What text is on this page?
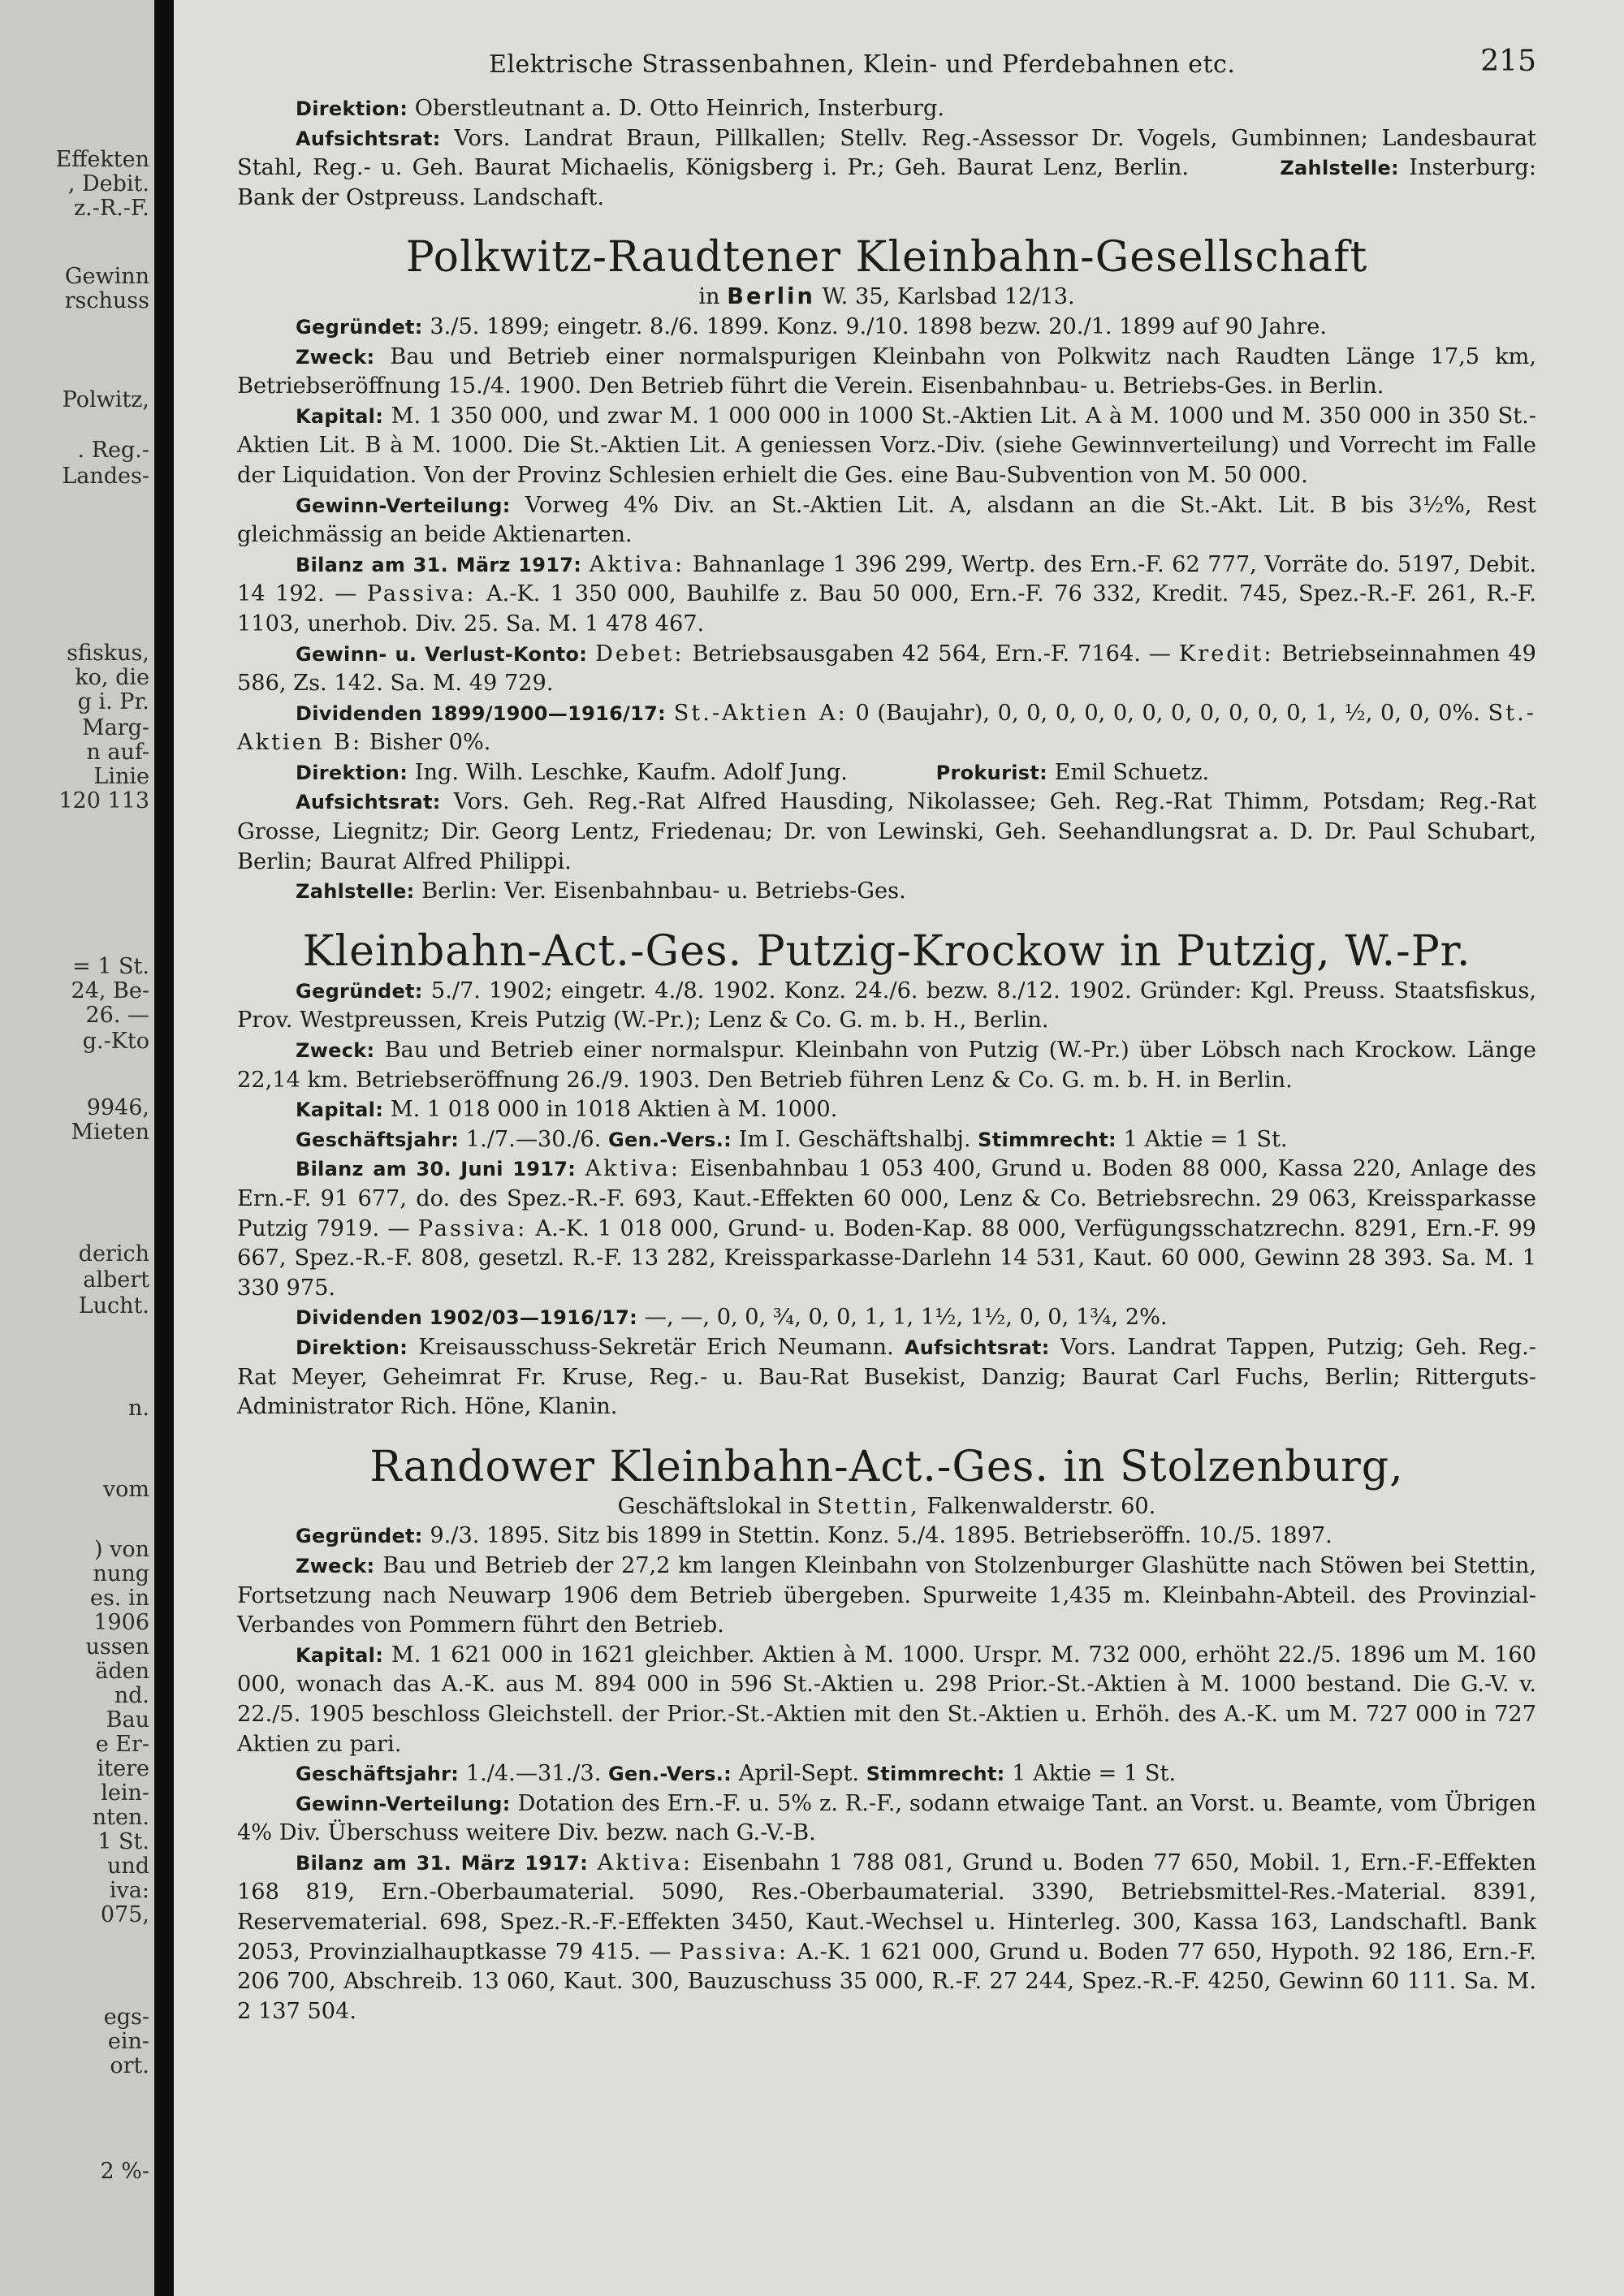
Effekten
, Debit.
z.-R.-F.
Gewinn
rschuss
Polwitz,
. Reg.-
Landes-
sfiskus,
ko, die
g i. Pr.
Marg-
n auf-
Linie
120 113
= 1 St.
24, Be-
26. —
g.-Kto
9946,
Mieten
derich
albert
Lucht.
n.
vom
) von
nung
es. in
1906
ussen
äden
nd.
Bau
e Er-
itere
lein-
nten.
1 St.
und
iva:
075,
egs-
ein-
ort.
2 %-
Elektrische Strassenbahnen, Klein- und Pferdebahnen etc.	215

Direktion: Oberstleutnant a. D. Otto Heinrich, Insterburg.

Aufsichtsrat: Vors. Landrat Braun, Pillkallen; Stellv. Reg.-Assessor Dr. Vogels, Gumbinnen; Landesbaurat Stahl, Reg.- u. Geh. Baurat Michaelis, Königsberg i. Pr.; Geh. Baurat Lenz, Berlin.	Zahlstelle: Insterburg: Bank der Ostpreuss. Landschaft.

Polkwitz-Raudtener Kleinbahn-Gesellschaft
in Berlin W. 35, Karlsbad 12/13.

Gegründet: 3./5. 1899; eingetr. 8./6. 1899. Konz. 9./10. 1898 bezw. 20./1. 1899 auf 90 Jahre.

Zweck: Bau und Betrieb einer normalspurigen Kleinbahn von Polkwitz nach Raudten Länge 17,5 km, Betriebseröffnung 15./4. 1900. Den Betrieb führt die Verein. Eisenbahnbau- u. Betriebs-Ges. in Berlin.

Kapital: M. 1 350 000, und zwar M. 1 000 000 in 1000 St.-Aktien Lit. A à M. 1000 und M. 350 000 in 350 St.-Aktien Lit. B à M. 1000. Die St.-Aktien Lit. A geniessen Vorz.-Div. (siehe Gewinnverteilung) und Vorrecht im Falle der Liquidation. Von der Provinz Schlesien erhielt die Ges. eine Bau-Subvention von M. 50 000.

Gewinn-Verteilung: Vorweg 4% Div. an St.-Aktien Lit. A, alsdann an die St.-Akt. Lit. B bis 3½%, Rest gleichmässig an beide Aktienarten.

Bilanz am 31. März 1917: Aktiva: Bahnanlage 1 396 299, Wertp. des Ern.-F. 62 777, Vorräte do. 5197, Debit. 14 192. — Passiva: A.-K. 1 350 000, Bauhilfe z. Bau 50 000, Ern.-F. 76 332, Kredit. 745, Spez.-R.-F. 261, R.-F. 1103, unerhob. Div. 25. Sa. M. 1 478 467.

Gewinn- u. Verlust-Konto: Debet: Betriebsausgaben 42 564, Ern.-F. 7164. — Kredit: Betriebseinnahmen 49 586, Zs. 142. Sa. M. 49 729.

Dividenden 1899/1900—1916/17: St.-Aktien A: 0 (Baujahr), 0, 0, 0, 0, 0, 0, 0, 0, 0, 0, 0, 1, ½, 0, 0, 0%. St.-Aktien B: Bisher 0%.

Direktion: Ing. Wilh. Leschke, Kaufm. Adolf Jung.	Prokurist: Emil Schuetz.

Aufsichtsrat: Vors. Geh. Reg.-Rat Alfred Hausding, Nikolassee; Geh. Reg.-Rat Thimm, Potsdam; Reg.-Rat Grosse, Liegnitz; Dir. Georg Lentz, Friedenau; Dr. von Lewinski, Geh. Seehandlungsrat a. D. Dr. Paul Schubart, Berlin; Baurat Alfred Philippi.

Zahlstelle: Berlin: Ver. Eisenbahnbau- u. Betriebs-Ges.

Kleinbahn-Act.-Ges. Putzig-Krockow in Putzig, W.-Pr.

Gegründet: 5./7. 1902; eingetr. 4./8. 1902. Konz. 24./6. bezw. 8./12. 1902. Gründer: Kgl. Preuss. Staatsfiskus, Prov. Westpreussen, Kreis Putzig (W.-Pr.); Lenz & Co. G. m. b. H., Berlin.

Zweck: Bau und Betrieb einer normalspur. Kleinbahn von Putzig (W.-Pr.) über Löbsch nach Krockow. Länge 22,14 km. Betriebseröffnung 26./9. 1903. Den Betrieb führen Lenz & Co. G. m. b. H. in Berlin.

Kapital: M. 1 018 000 in 1018 Aktien à M. 1000.

Geschäftsjahr: 1./7.—30./6. Gen.-Vers.: Im I. Geschäftshalbj. Stimmrecht: 1 Aktie = 1 St.

Bilanz am 30. Juni 1917: Aktiva: Eisenbahnbau 1 053 400, Grund u. Boden 88 000, Kassa 220, Anlage des Ern.-F. 91 677, do. des Spez.-R.-F. 693, Kaut.-Effekten 60 000, Lenz & Co. Betriebsrechn. 29 063, Kreissparkasse Putzig 7919. — Passiva: A.-K. 1 018 000, Grund- u. Boden-Kap. 88 000, Verfügungsschatzrechn. 8291, Ern.-F. 99 667, Spez.-R.-F. 808, gesetzl. R.-F. 13 282, Kreissparkasse-Darlehn 14 531, Kaut. 60 000, Gewinn 28 393. Sa. M. 1 330 975.

Dividenden 1902/03—1916/17: —, —, 0, 0, ¾, 0, 0, 1, 1, 1½, 1½, 0, 0, 1¾, 2%.

Direktion: Kreisausschuss-Sekretär Erich Neumann. Aufsichtsrat: Vors. Landrat Tappen, Putzig; Geh. Reg.-Rat Meyer, Geheimrat Fr. Kruse, Reg.- u. Bau-Rat Busekist, Danzig; Baurat Carl Fuchs, Berlin; Ritterguts-Administrator Rich. Höne, Klanin.

Randower Kleinbahn-Act.-Ges. in Stolzenburg,
Geschäftslokal in Stettin, Falkenwalderstr. 60.

Gegründet: 9./3. 1895. Sitz bis 1899 in Stettin. Konz. 5./4. 1895. Betriebseröffn. 10./5. 1897.

Zweck: Bau und Betrieb der 27,2 km langen Kleinbahn von Stolzenburger Glashütte nach Stöwen bei Stettin, Fortsetzung nach Neuwarp 1906 dem Betrieb übergeben. Spurweite 1,435 m. Kleinbahn-Abteil. des Provinzial-Verbandes von Pommern führt den Betrieb.

Kapital: M. 1 621 000 in 1621 gleichber. Aktien à M. 1000. Urspr. M. 732 000, erhöht 22./5. 1896 um M. 160 000, wonach das A.-K. aus M. 894 000 in 596 St.-Aktien u. 298 Prior.-St.-Aktien à M. 1000 bestand. Die G.-V. v. 22./5. 1905 beschloss Gleichstell. der Prior.-St.-Aktien mit den St.-Aktien u. Erhöh. des A.-K. um M. 727 000 in 727 Aktien zu pari.

Geschäftsjahr: 1./4.—31./3. Gen.-Vers.: April-Sept. Stimmrecht: 1 Aktie = 1 St.

Gewinn-Verteilung: Dotation des Ern.-F. u. 5% z. R.-F., sodann etwaige Tant. an Vorst. u. Beamte, vom Übrigen 4% Div. Überschuss weitere Div. bezw. nach G.-V.-B.

Bilanz am 31. März 1917: Aktiva: Eisenbahn 1 788 081, Grund u. Boden 77 650, Mobil. 1, Ern.-F.-Effekten 168 819, Ern.-Oberbaumaterial. 5090, Res.-Oberbaumaterial. 3390, Betriebsmittel-Res.-Material. 8391, Reservematerial. 698, Spez.-R.-F.-Effekten 3450, Kaut.-Wechsel u. Hinterleg. 300, Kassa 163, Landschaftl. Bank 2053, Provinzialhauptkasse 79 415. — Passiva: A.-K. 1 621 000, Grund u. Boden 77 650, Hypoth. 92 186, Ern.-F. 206 700, Abschreib. 13 060, Kaut. 300, Bauzuschuss 35 000, R.-F. 27 244, Spez.-R.-F. 4250, Gewinn 60 111. Sa. M. 2 137 504.
